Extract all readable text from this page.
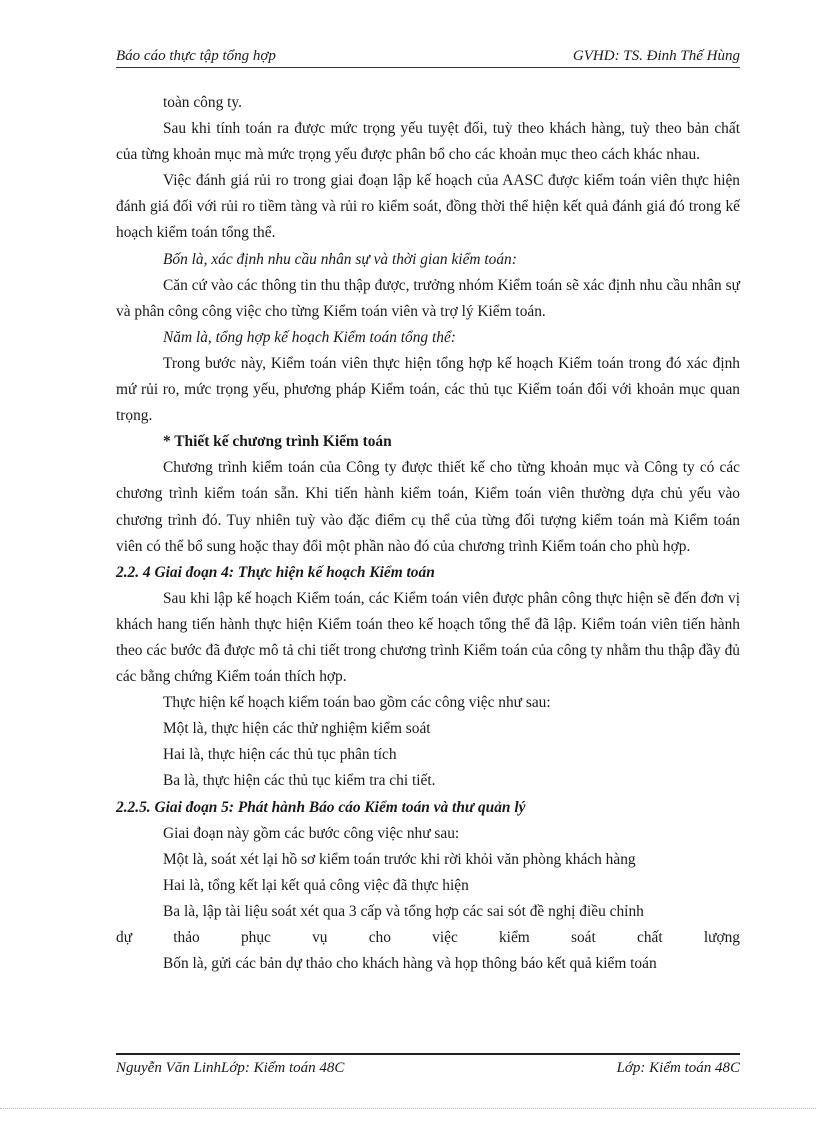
Báo cáo thực tập tổng hợp	GVHD: TS. Đinh Thế Hùng

toàn công ty.

Sau khi tính toán ra được mức trọng yếu tuyệt đối, tuỳ theo khách hàng, tuỳ theo bản chất của từng khoản mục mà mức trọng yếu được phân bổ cho các khoản mục theo cách khác nhau.

Việc đánh giá rủi ro trong giai đoạn lập kế hoạch của AASC được kiểm toán viên thực hiện đánh giá đối với rủi ro tiềm tàng và rủi ro kiểm soát, đồng thời thể hiện kết quả đánh giá đó trong kế hoạch kiểm toán tổng thể.

Bốn là, xác định nhu cầu nhân sự và thời gian kiểm toán:

Căn cứ vào các thông tin thu thập được, trưởng nhóm Kiểm toán sẽ xác định nhu cầu nhân sự và phân công công việc cho từng Kiểm toán viên và trợ lý Kiểm toán.

Năm là, tổng hợp kế hoạch Kiểm toán tổng thể:

Trong bước này, Kiểm toán viên thực hiện tổng hợp kế hoạch Kiểm toán trong đó xác định mứ rủi ro, mức trọng yếu, phương pháp Kiểm toán, các thủ tục Kiểm toán đối với khoản mục quan trọng.

* Thiết kế chương trình Kiểm toán

Chương trình kiểm toán của Công ty được thiết kế cho từng khoản mục và Công ty có các chương trình kiểm toán sẵn. Khi tiến hành kiểm toán, Kiểm toán viên thường dựa chủ yếu vào chương trình đó. Tuy nhiên tuỳ vào đặc điểm cụ thể của từng đối tượng kiểm toán mà Kiểm toán viên có thể bổ sung hoặc thay đổi một phần nào đó của chương trình Kiểm toán cho phù hợp.

2.2. 4 Giai đoạn 4: Thực hiện kế hoạch Kiểm toán

Sau khi lập kế hoạch Kiểm toán, các Kiểm toán viên được phân công thực hiện sẽ đến đơn vị khách hang tiến hành thực hiện Kiểm toán theo kế hoạch tổng thể đã lập. Kiểm toán viên tiến hành theo các bước đã được mô tả chi tiết trong chương trình Kiểm toán của công ty nhằm thu thập đầy đủ các bằng chứng Kiểm toán thích hợp.

Thực hiện kế hoạch kiểm toán bao gồm các công việc như sau:

Một là, thực hiện các thử nghiệm kiểm soát

Hai là, thực hiện các thủ tục phân tích

Ba là, thực hiện các thủ tục kiểm tra chi tiết.

2.2.5. Giai đoạn 5: Phát hành Báo cáo Kiểm toán và thư quản lý

Giai đoạn này gồm các bước công việc như sau:

Một là, soát xét lại hồ sơ kiểm toán trước khi rời khỏi văn phòng khách hàng

Hai là, tổng kết lại kết quả công việc đã thực hiện

Ba là, lập tài liệu soát xét qua 3 cấp và tổng hợp các sai sót đề nghị điều chỉnh

dự thảo phục vụ cho việc kiểm soát chất lượng

Bốn là, gửi các bản dự thảo cho khách hàng và họp thông báo kết quả kiểm toán

Nguyễn Văn LinhLớp: Kiểm toán 48C	Lớp: Kiểm toán 48C
